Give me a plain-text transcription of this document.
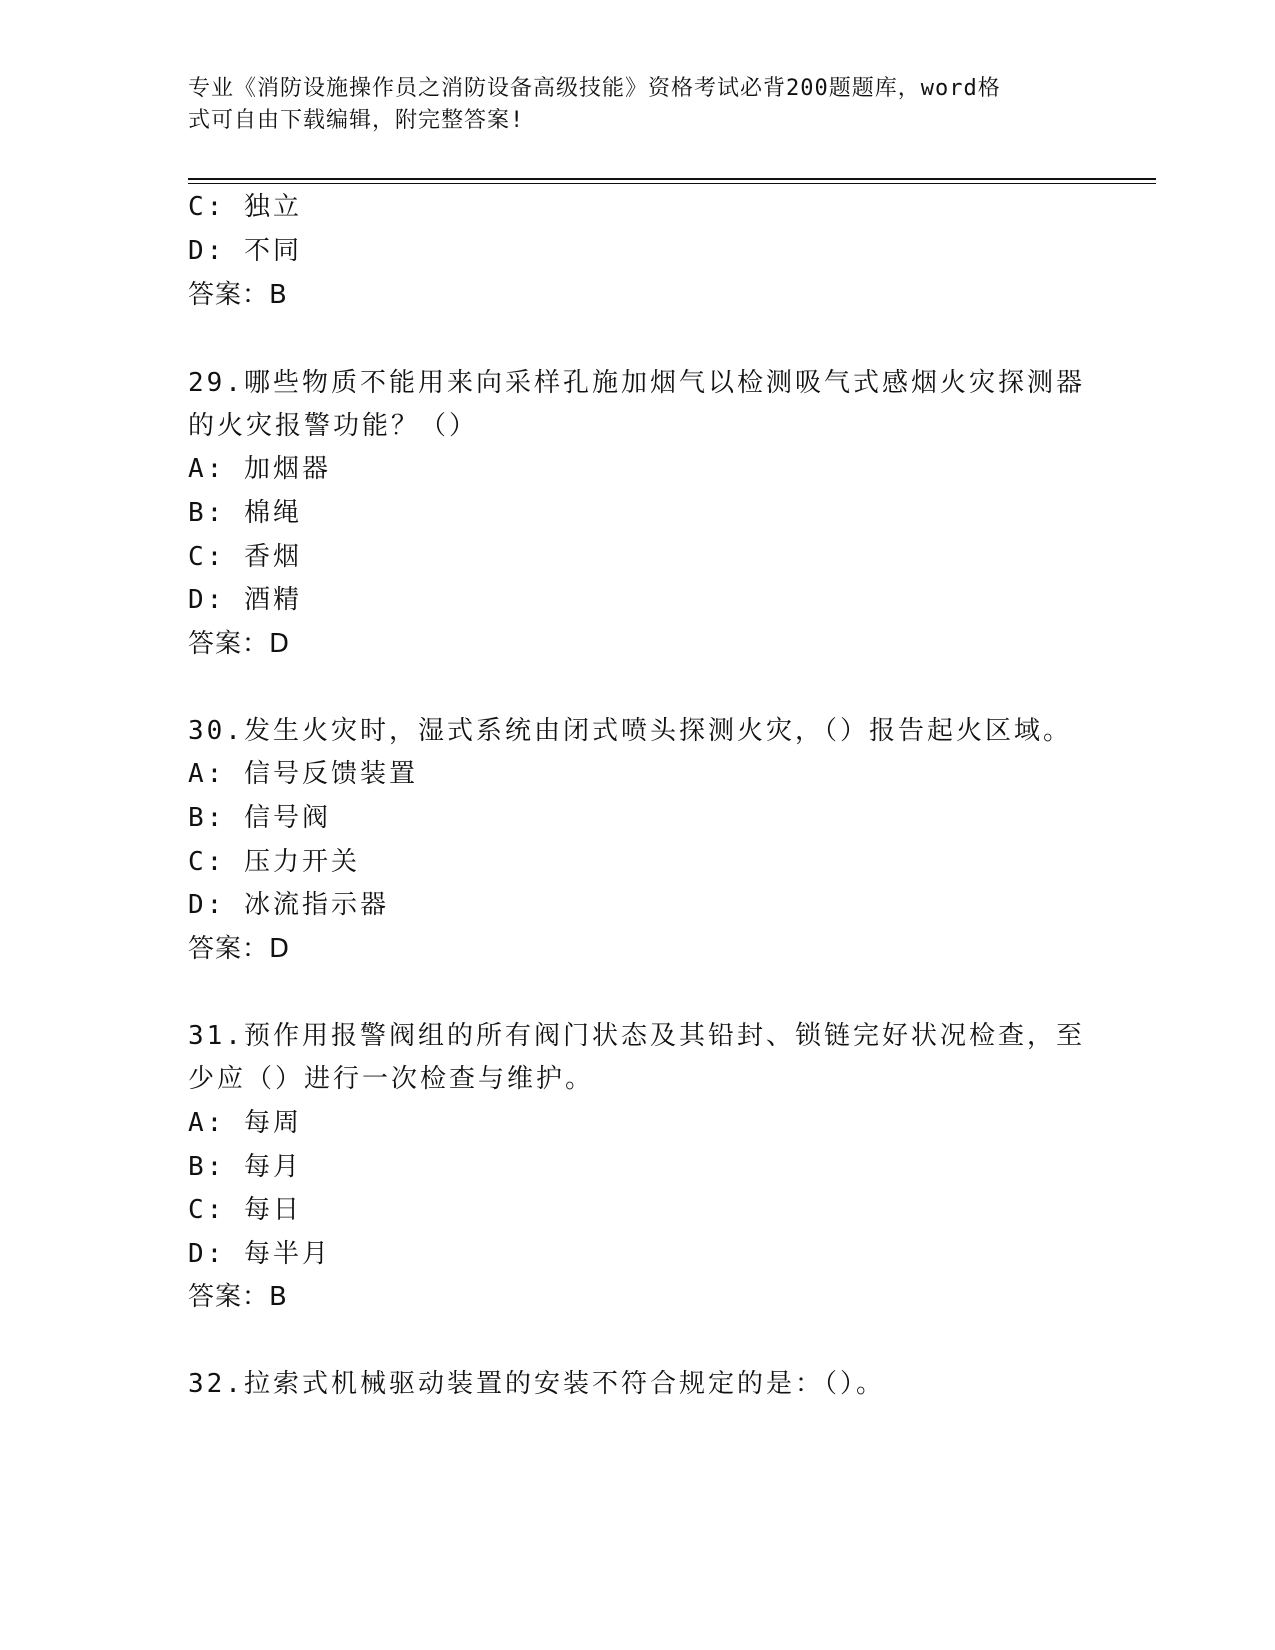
专业《消防设施操作员之消防设备高级技能》资格考试必背200题题库，word格
式可自由下载编辑，附完整答案!
C: 独立
D: 不同
答案：B
29.哪些物质不能用来向采样孔施加烟气以检测吸气式感烟火灾探测器
的火灾报警功能？（）
A: 加烟器
B: 棉绳
C: 香烟
D: 酒精
答案：D
30.发生火灾时，湿式系统由闭式喷头探测火灾，（）报告起火区域。
A: 信号反馈装置
B: 信号阀
C: 压力开关
D: 冰流指示器
答案：D
31.预作用报警阀组的所有阀门状态及其铅封、锁链完好状况检查，至
少应（）进行一次检查与维护。
A: 每周
B: 每月
C: 每日
D: 每半月
答案：B
32.拉索式机械驱动装置的安装不符合规定的是：（）。
